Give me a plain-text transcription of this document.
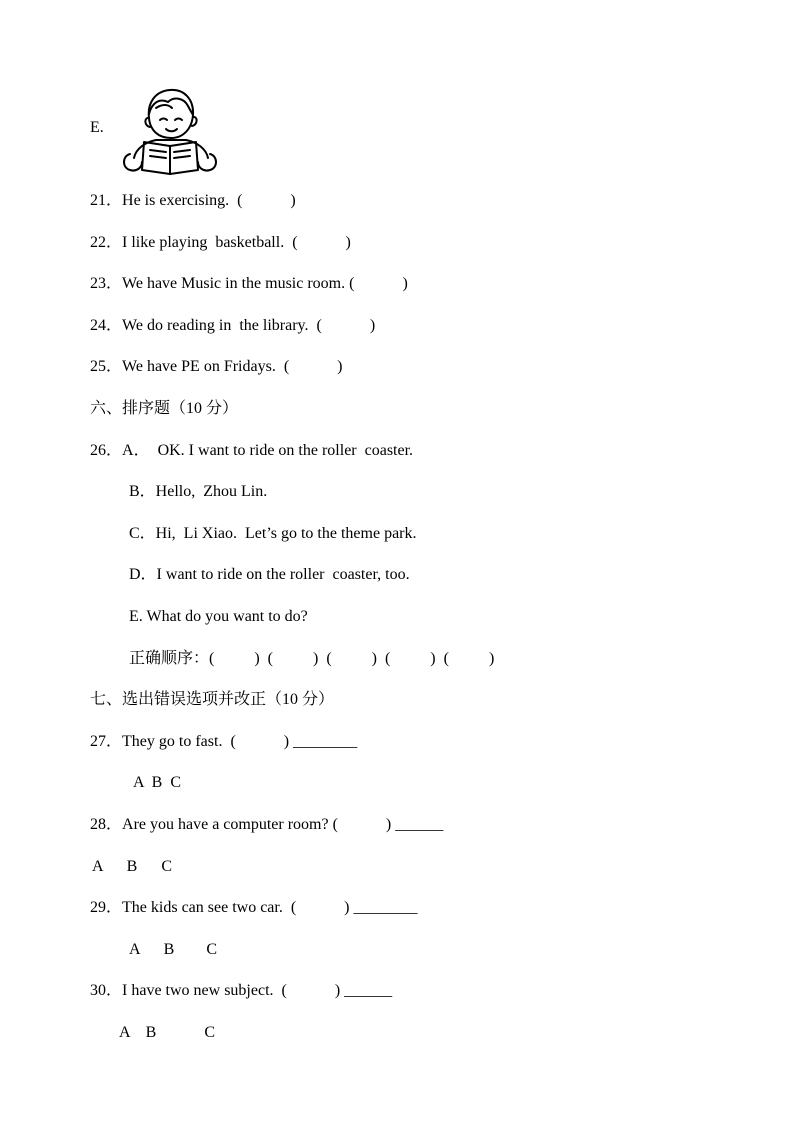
E.
21．He is exercising.  (            )
22．I like playing  basketball.  (            )
23．We have Music in the music room. (            )
24．We do reading in  the library.  (            )
25．We have PE on Fridays.  (            )
六、排序题（10 分）
26．A．  OK. I want to ride on the roller  coaster.
B．Hello,  Zhou Lin.
C．Hi,  Li Xiao.  Let’s go to the theme park.
D．I want to ride on the roller  coaster, too.
E. What do you want to do?
正确顺序：(          )  (          )  (          )  (          )  (          )
七、选出错误选项并改正（10 分）
27．They go to fast.  (            ) ________
A  B  C
28．Are you have a computer room? (            ) ______
A      B      C
29．The kids can see two car.  (            ) ________
A      B        C
30．I have two new subject.  (            ) ______
A    B            C
